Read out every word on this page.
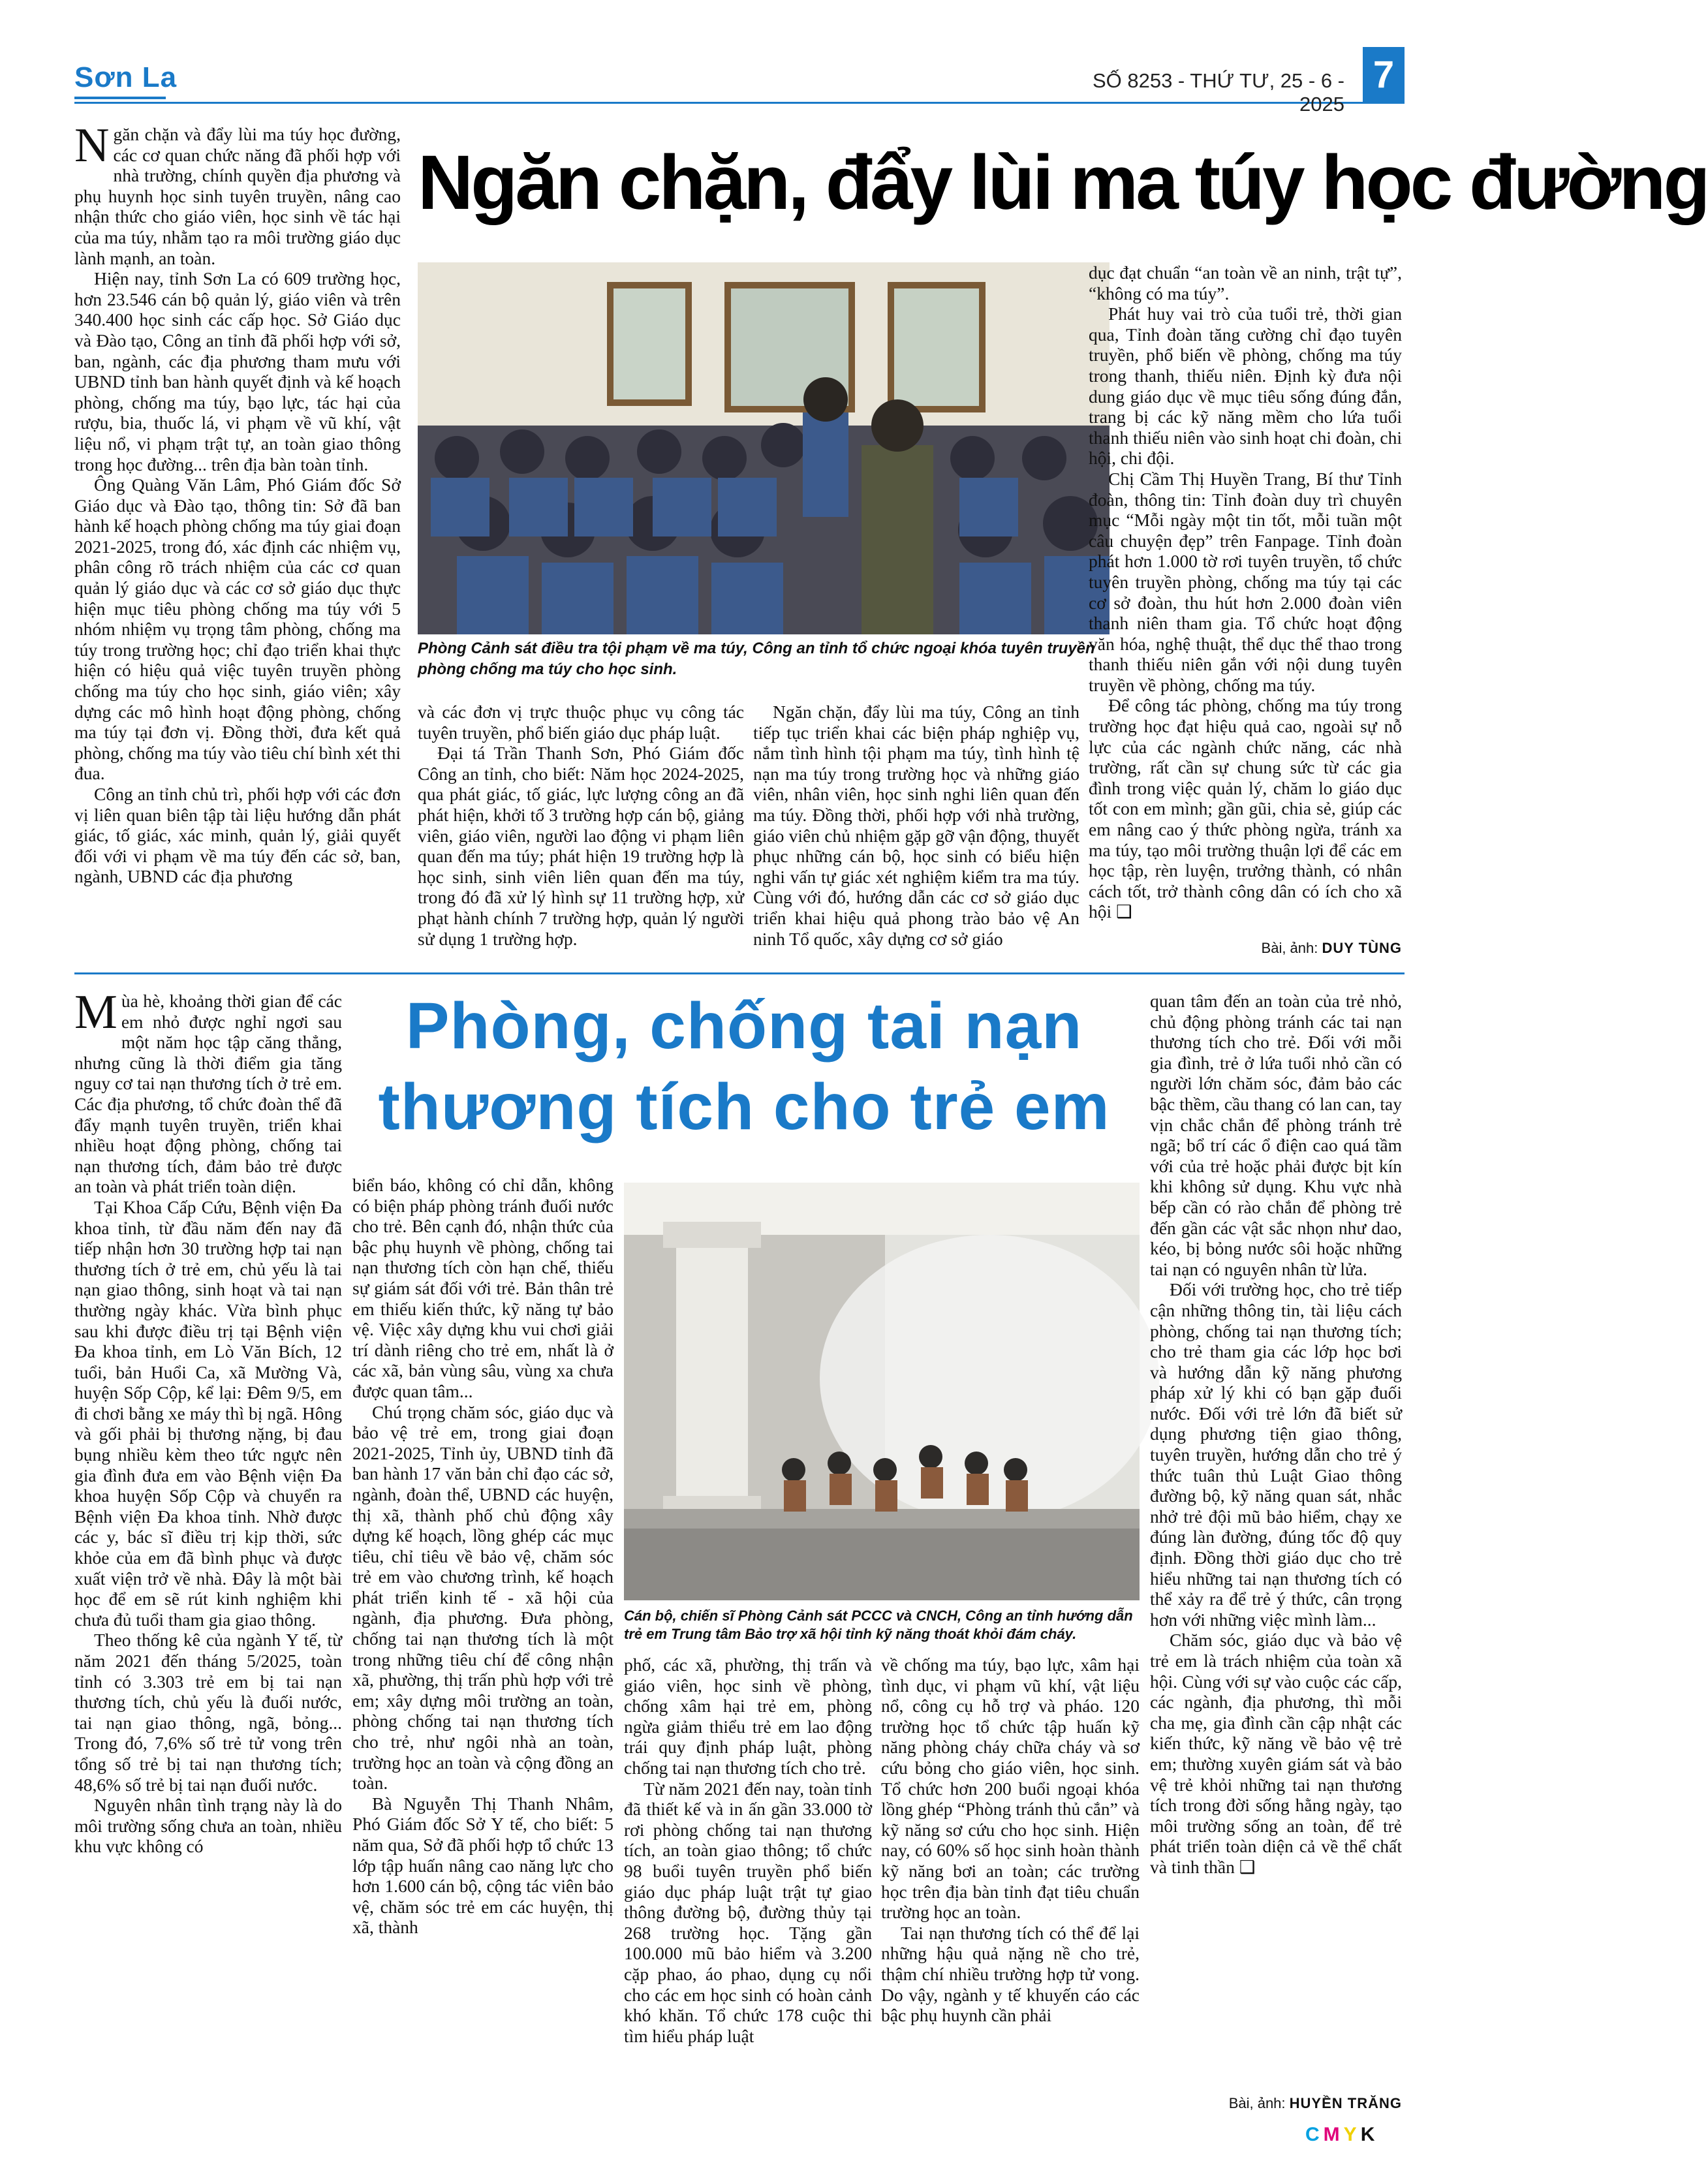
Sơn La	SỐ 8253 - THỨ TƯ, 25 - 6 - 2025
7
Ngăn chặn, đẩy lùi ma túy học đường

Ngăn chặn và đẩy lùi ma túy học đường, các cơ quan chức năng đã phối hợp với nhà trường, chính quyền địa phương và phụ huynh học sinh tuyên truyền, nâng cao nhận thức cho giáo viên, học sinh về tác hại của ma túy, nhằm tạo ra môi trường giáo dục lành mạnh, an toàn.

Hiện nay, tỉnh Sơn La có 609 trường học, hơn 23.546 cán bộ quản lý, giáo viên và trên 340.400 học sinh các cấp học. Sở Giáo dục và Đào tạo, Công an tỉnh đã phối hợp với sở, ban, ngành, các địa phương tham mưu với UBND tỉnh ban hành quyết định và kế hoạch phòng, chống ma túy, bạo lực, tác hại của rượu, bia, thuốc lá, vi phạm về vũ khí, vật liệu nổ, vi phạm trật tự, an toàn giao thông trong học đường... trên địa bàn toàn tỉnh.

Ông Quàng Văn Lâm, Phó Giám đốc Sở Giáo dục và Đào tạo, thông tin: Sở đã ban hành kế hoạch phòng chống ma túy giai đoạn 2021-2025, trong đó, xác định các nhiệm vụ, phân công rõ trách nhiệm của các cơ quan quản lý giáo dục và các cơ sở giáo dục thực hiện mục tiêu phòng chống ma túy với 5 nhóm nhiệm vụ trọng tâm phòng, chống ma túy trong trường học; chỉ đạo triển khai thực hiện có hiệu quả việc tuyên truyền phòng chống ma túy cho học sinh, giáo viên; xây dựng các mô hình hoạt động phòng, chống ma túy tại đơn vị. Đồng thời, đưa kết quả phòng, chống ma túy vào tiêu chí bình xét thi đua.

Công an tỉnh chủ trì, phối hợp với các đơn vị liên quan biên tập tài liệu hướng dẫn phát giác, tố giác, xác minh, quản lý, giải quyết đối với vi phạm về ma túy đến các sở, ban, ngành, UBND các địa phương

Phòng Cảnh sát điều tra tội phạm về ma túy, Công an tỉnh tổ chức ngoại khóa tuyên truyền phòng chống ma túy cho học sinh.

và các đơn vị trực thuộc phục vụ công tác tuyên truyền, phổ biến giáo dục pháp luật.

Đại tá Trần Thanh Sơn, Phó Giám đốc Công an tỉnh, cho biết: Năm học 2024-2025, qua phát giác, tố giác, lực lượng công an đã phát hiện, khởi tố 3 trường hợp cán bộ, giảng viên, giáo viên, người lao động vi phạm liên quan đến ma túy; phát hiện 19 trường hợp là học sinh, sinh viên liên quan đến ma túy, trong đó đã xử lý hình sự 11 trường hợp, xử phạt hành chính 7 trường hợp, quản lý người sử dụng 1 trường hợp.

Ngăn chặn, đẩy lùi ma túy, Công an tỉnh tiếp tục triển khai các biện pháp nghiệp vụ, nắm tình hình tội phạm ma túy, tình hình tệ nạn ma túy trong trường học và những giáo viên, nhân viên, học sinh nghi liên quan đến ma túy. Đồng thời, phối hợp với nhà trường, giáo viên chủ nhiệm gặp gỡ vận động, thuyết phục những cán bộ, học sinh có biểu hiện nghi vấn tự giác xét nghiệm kiểm tra ma túy. Cùng với đó, hướng dẫn các cơ sở giáo dục triển khai hiệu quả phong trào bảo vệ An ninh Tổ quốc, xây dựng cơ sở giáo

dục đạt chuẩn “an toàn về an ninh, trật tự”, “không có ma túy”.

Phát huy vai trò của tuổi trẻ, thời gian qua, Tỉnh đoàn tăng cường chỉ đạo tuyên truyền, phổ biến về phòng, chống ma túy trong thanh, thiếu niên. Định kỳ đưa nội dung giáo dục về mục tiêu sống đúng đắn, trang bị các kỹ năng mềm cho lứa tuổi thanh thiếu niên vào sinh hoạt chi đoàn, chi hội, chi đội.

Chị Cầm Thị Huyền Trang, Bí thư Tỉnh đoàn, thông tin: Tỉnh đoàn duy trì chuyên mục “Mỗi ngày một tin tốt, mỗi tuần một câu chuyện đẹp” trên Fanpage. Tỉnh đoàn phát hơn 1.000 tờ rơi tuyên truyền, tổ chức tuyên truyền phòng, chống ma túy tại các cơ sở đoàn, thu hút hơn 2.000 đoàn viên thanh niên tham gia. Tổ chức hoạt động văn hóa, nghệ thuật, thể dục thể thao trong thanh thiếu niên gắn với nội dung tuyên truyền về phòng, chống ma túy.

Để công tác phòng, chống ma túy trong trường học đạt hiệu quả cao, ngoài sự nỗ lực của các ngành chức năng, các nhà trường, rất cần sự chung sức từ các gia đình trong việc quản lý, chăm lo giáo dục tốt con em mình; gần gũi, chia sẻ, giúp các em nâng cao ý thức phòng ngừa, tránh xa ma túy, tạo môi trường thuận lợi để các em học tập, rèn luyện, trưởng thành, có nhân cách tốt, trở thành công dân có ích cho xã hội ❑

Bài, ảnh: DUY TÙNG
Phòng, chống tai nạn
thương tích cho trẻ em

Mùa hè, khoảng thời gian để các em nhỏ được nghỉ ngơi sau một năm học tập căng thẳng, nhưng cũng là thời điểm gia tăng nguy cơ tai nạn thương tích ở trẻ em. Các địa phương, tổ chức đoàn thể đã đẩy mạnh tuyên truyền, triển khai nhiều hoạt động phòng, chống tai nạn thương tích, đảm bảo trẻ được an toàn và phát triển toàn diện.

Tại Khoa Cấp Cứu, Bệnh viện Đa khoa tỉnh, từ đầu năm đến nay đã tiếp nhận hơn 30 trường hợp tai nạn thương tích ở trẻ em, chủ yếu là tai nạn giao thông, sinh hoạt và tai nạn thường ngày khác. Vừa bình phục sau khi được điều trị tại Bệnh viện Đa khoa tỉnh, em Lò Văn Bích, 12 tuổi, bản Huổi Ca, xã Mường Và, huyện Sốp Cộp, kể lại: Đêm 9/5, em đi chơi bằng xe máy thì bị ngã. Hông và gối phải bị thương nặng, bị đau bụng nhiều kèm theo tức ngực nên gia đình đưa em vào Bệnh viện Đa khoa huyện Sốp Cộp và chuyển ra Bệnh viện Đa khoa tỉnh. Nhờ được các y, bác sĩ điều trị kịp thời, sức khỏe của em đã bình phục và được xuất viện trở về nhà. Đây là một bài học để em sẽ rút kinh nghiệm khi chưa đủ tuổi tham gia giao thông.

Theo thống kê của ngành Y tế, từ năm 2021 đến tháng 5/2025, toàn tỉnh có 3.303 trẻ em bị tai nạn thương tích, chủ yếu là đuối nước, tai nạn giao thông, ngã, bỏng... Trong đó, 7,6% số trẻ tử vong trên tổng số trẻ bị tai nạn thương tích; 48,6% số trẻ bị tai nạn đuối nước.

Nguyên nhân tình trạng này là do môi trường sống chưa an toàn, nhiều khu vực không có

biển báo, không có chỉ dẫn, không có biện pháp phòng tránh đuối nước cho trẻ. Bên cạnh đó, nhận thức của bậc phụ huynh về phòng, chống tai nạn thương tích còn hạn chế, thiếu sự giám sát đối với trẻ. Bản thân trẻ em thiếu kiến thức, kỹ năng tự bảo vệ. Việc xây dựng khu vui chơi giải trí dành riêng cho trẻ em, nhất là ở các xã, bản vùng sâu, vùng xa chưa được quan tâm...

Chú trọng chăm sóc, giáo dục và bảo vệ trẻ em, trong giai đoạn 2021-2025, Tỉnh ủy, UBND tỉnh đã ban hành 17 văn bản chỉ đạo các sở, ngành, đoàn thể, UBND các huyện, thị xã, thành phố chủ động xây dựng kế hoạch, lồng ghép các mục tiêu, chỉ tiêu về bảo vệ, chăm sóc trẻ em vào chương trình, kế hoạch phát triển kinh tế - xã hội của ngành, địa phương. Đưa phòng, chống tai nạn thương tích là một trong những tiêu chí để công nhận xã, phường, thị trấn phù hợp với trẻ em; xây dựng môi trường an toàn, phòng chống tai nạn thương tích cho trẻ, như ngôi nhà an toàn, trường học an toàn và cộng đồng an toàn.

Bà Nguyễn Thị Thanh Nhâm, Phó Giám đốc Sở Y tế, cho biết: 5 năm qua, Sở đã phối hợp tổ chức 13 lớp tập huấn nâng cao năng lực cho hơn 1.600 cán bộ, cộng tác viên bảo vệ, chăm sóc trẻ em các huyện, thị xã, thành

Cán bộ, chiến sĩ Phòng Cảnh sát PCCC và CNCH, Công an tỉnh hướng dẫn trẻ em Trung tâm Bảo trợ xã hội tỉnh kỹ năng thoát khỏi đám cháy.

phố, các xã, phường, thị trấn và giáo viên, học sinh về phòng, chống xâm hại trẻ em, phòng ngừa giảm thiểu trẻ em lao động trái quy định pháp luật, phòng chống tai nạn thương tích cho trẻ.

Từ năm 2021 đến nay, toàn tỉnh đã thiết kế và in ấn gần 33.000 tờ rơi phòng chống tai nạn thương tích, an toàn giao thông; tổ chức 98 buổi tuyên truyền phổ biến giáo dục pháp luật trật tự giao thông đường bộ, đường thủy tại 268 trường học. Tặng gần 100.000 mũ bảo hiểm và 3.200 cặp phao, áo phao, dụng cụ nổi cho các em học sinh có hoàn cảnh khó khăn. Tổ chức 178 cuộc thi tìm hiểu pháp luật

về chống ma túy, bạo lực, xâm hại tình dục, vi phạm vũ khí, vật liệu nổ, công cụ hỗ trợ và pháo. 120 trường học tổ chức tập huấn kỹ năng phòng cháy chữa cháy và sơ cứu bỏng cho giáo viên, học sinh. Tổ chức hơn 200 buổi ngoại khóa lồng ghép “Phòng tránh thủ cắn” và kỹ năng sơ cứu cho học sinh. Hiện nay, có 60% số học sinh hoàn thành kỹ năng bơi an toàn; các trường học trên địa bàn tỉnh đạt tiêu chuẩn trường học an toàn.

Tai nạn thương tích có thể để lại những hậu quả nặng nề cho trẻ, thậm chí nhiều trường hợp tử vong. Do vậy, ngành y tế khuyến cáo các bậc phụ huynh cần phải

quan tâm đến an toàn của trẻ nhỏ, chủ động phòng tránh các tai nạn thương tích cho trẻ. Đối với mỗi gia đình, trẻ ở lứa tuổi nhỏ cần có người lớn chăm sóc, đảm bảo các bậc thềm, cầu thang có lan can, tay vịn chắc chắn để phòng tránh trẻ ngã; bổ trí các ổ điện cao quá tầm với của trẻ hoặc phải được bịt kín khi không sử dụng. Khu vực nhà bếp cần có rào chắn để phòng trẻ đến gần các vật sắc nhọn như dao, kéo, bị bỏng nước sôi hoặc những tai nạn có nguyên nhân từ lửa.

Đối với trường học, cho trẻ tiếp cận những thông tin, tài liệu cách phòng, chống tai nạn thương tích; cho trẻ tham gia các lớp học bơi và hướng dẫn kỹ năng phương pháp xử lý khi có bạn gặp đuối nước. Đối với trẻ lớn đã biết sử dụng phương tiện giao thông, tuyên truyền, hướng dẫn cho trẻ ý thức tuân thủ Luật Giao thông đường bộ, kỹ năng quan sát, nhắc nhở trẻ đội mũ bảo hiểm, chạy xe đúng làn đường, đúng tốc độ quy định. Đồng thời giáo dục cho trẻ hiểu những tai nạn thương tích có thể xảy ra để trẻ ý thức, cân trọng hơn với những việc mình làm...

Chăm sóc, giáo dục và bảo vệ trẻ em là trách nhiệm của toàn xã hội. Cùng với sự vào cuộc các cấp, các ngành, địa phương, thì mỗi cha mẹ, gia đình cần cập nhật các kiến thức, kỹ năng về bảo vệ trẻ em; thường xuyên giám sát và bảo vệ trẻ khỏi những tai nạn thương tích trong đời sống hằng ngày, tạo môi trường sống an toàn, để trẻ phát triển toàn diện cả về thể chất và tinh thần ❑

Bài, ảnh: HUYỀN TRĂNG
CMYK
